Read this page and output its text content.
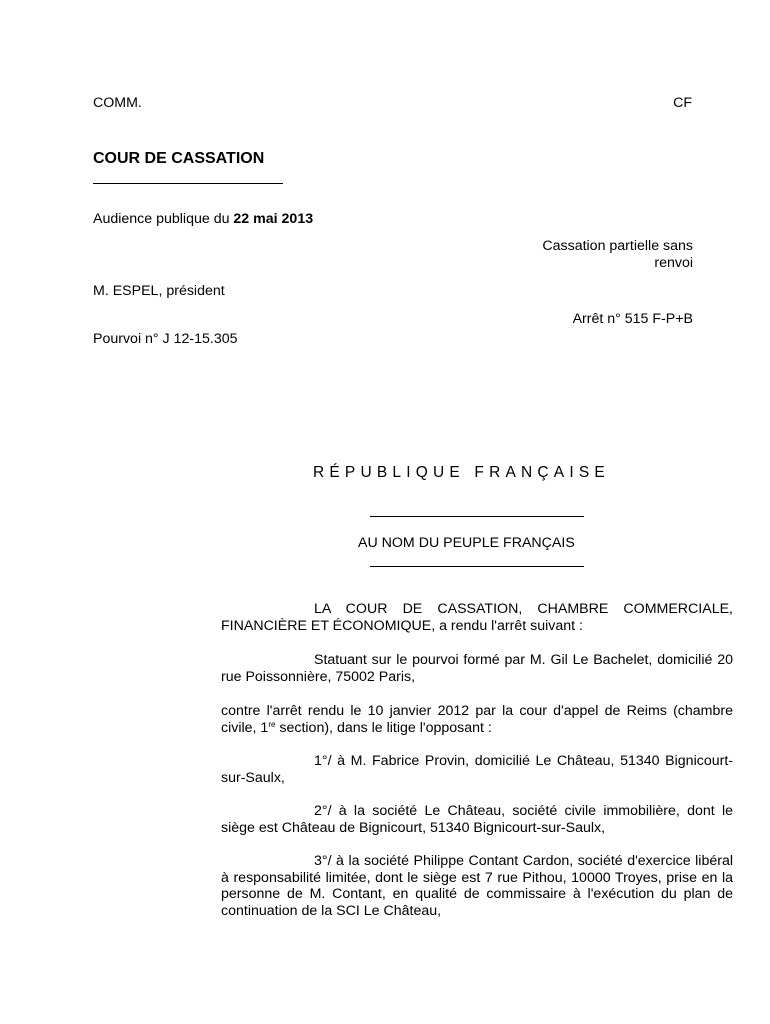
COMM.	CF
COUR DE CASSATION
Audience publique du 22 mai 2013
Cassation partielle sans
renvoi
M. ESPEL, président
Arrêt n° 515 F-P+B
Pourvoi n° J 12-15.305
RÉPUBLIQUE FRANÇAISE
AU NOM DU PEUPLE FRANÇAIS
LA COUR DE CASSATION, CHAMBRE COMMERCIALE, FINANCIÈRE ET ÉCONOMIQUE, a rendu l'arrêt suivant :
Statuant sur le pourvoi formé par M. Gil Le Bachelet, domicilié 20 rue Poissonnière, 75002 Paris,
contre l'arrêt rendu le 10 janvier 2012 par la cour d'appel de Reims (chambre civile, 1re section), dans le litige l'opposant :
1°/ à M. Fabrice Provin, domicilié Le Château, 51340 Bignicourt-sur-Saulx,
2°/ à la société Le Château, société civile immobilière, dont le siège est Château de Bignicourt, 51340 Bignicourt-sur-Saulx,
3°/ à la société Philippe Contant Cardon, société d'exercice libéral à responsabilité limitée, dont le siège est 7 rue Pithou, 10000 Troyes, prise en la personne de M. Contant, en qualité de commissaire à l'exécution du plan de continuation de la SCI Le Château,
